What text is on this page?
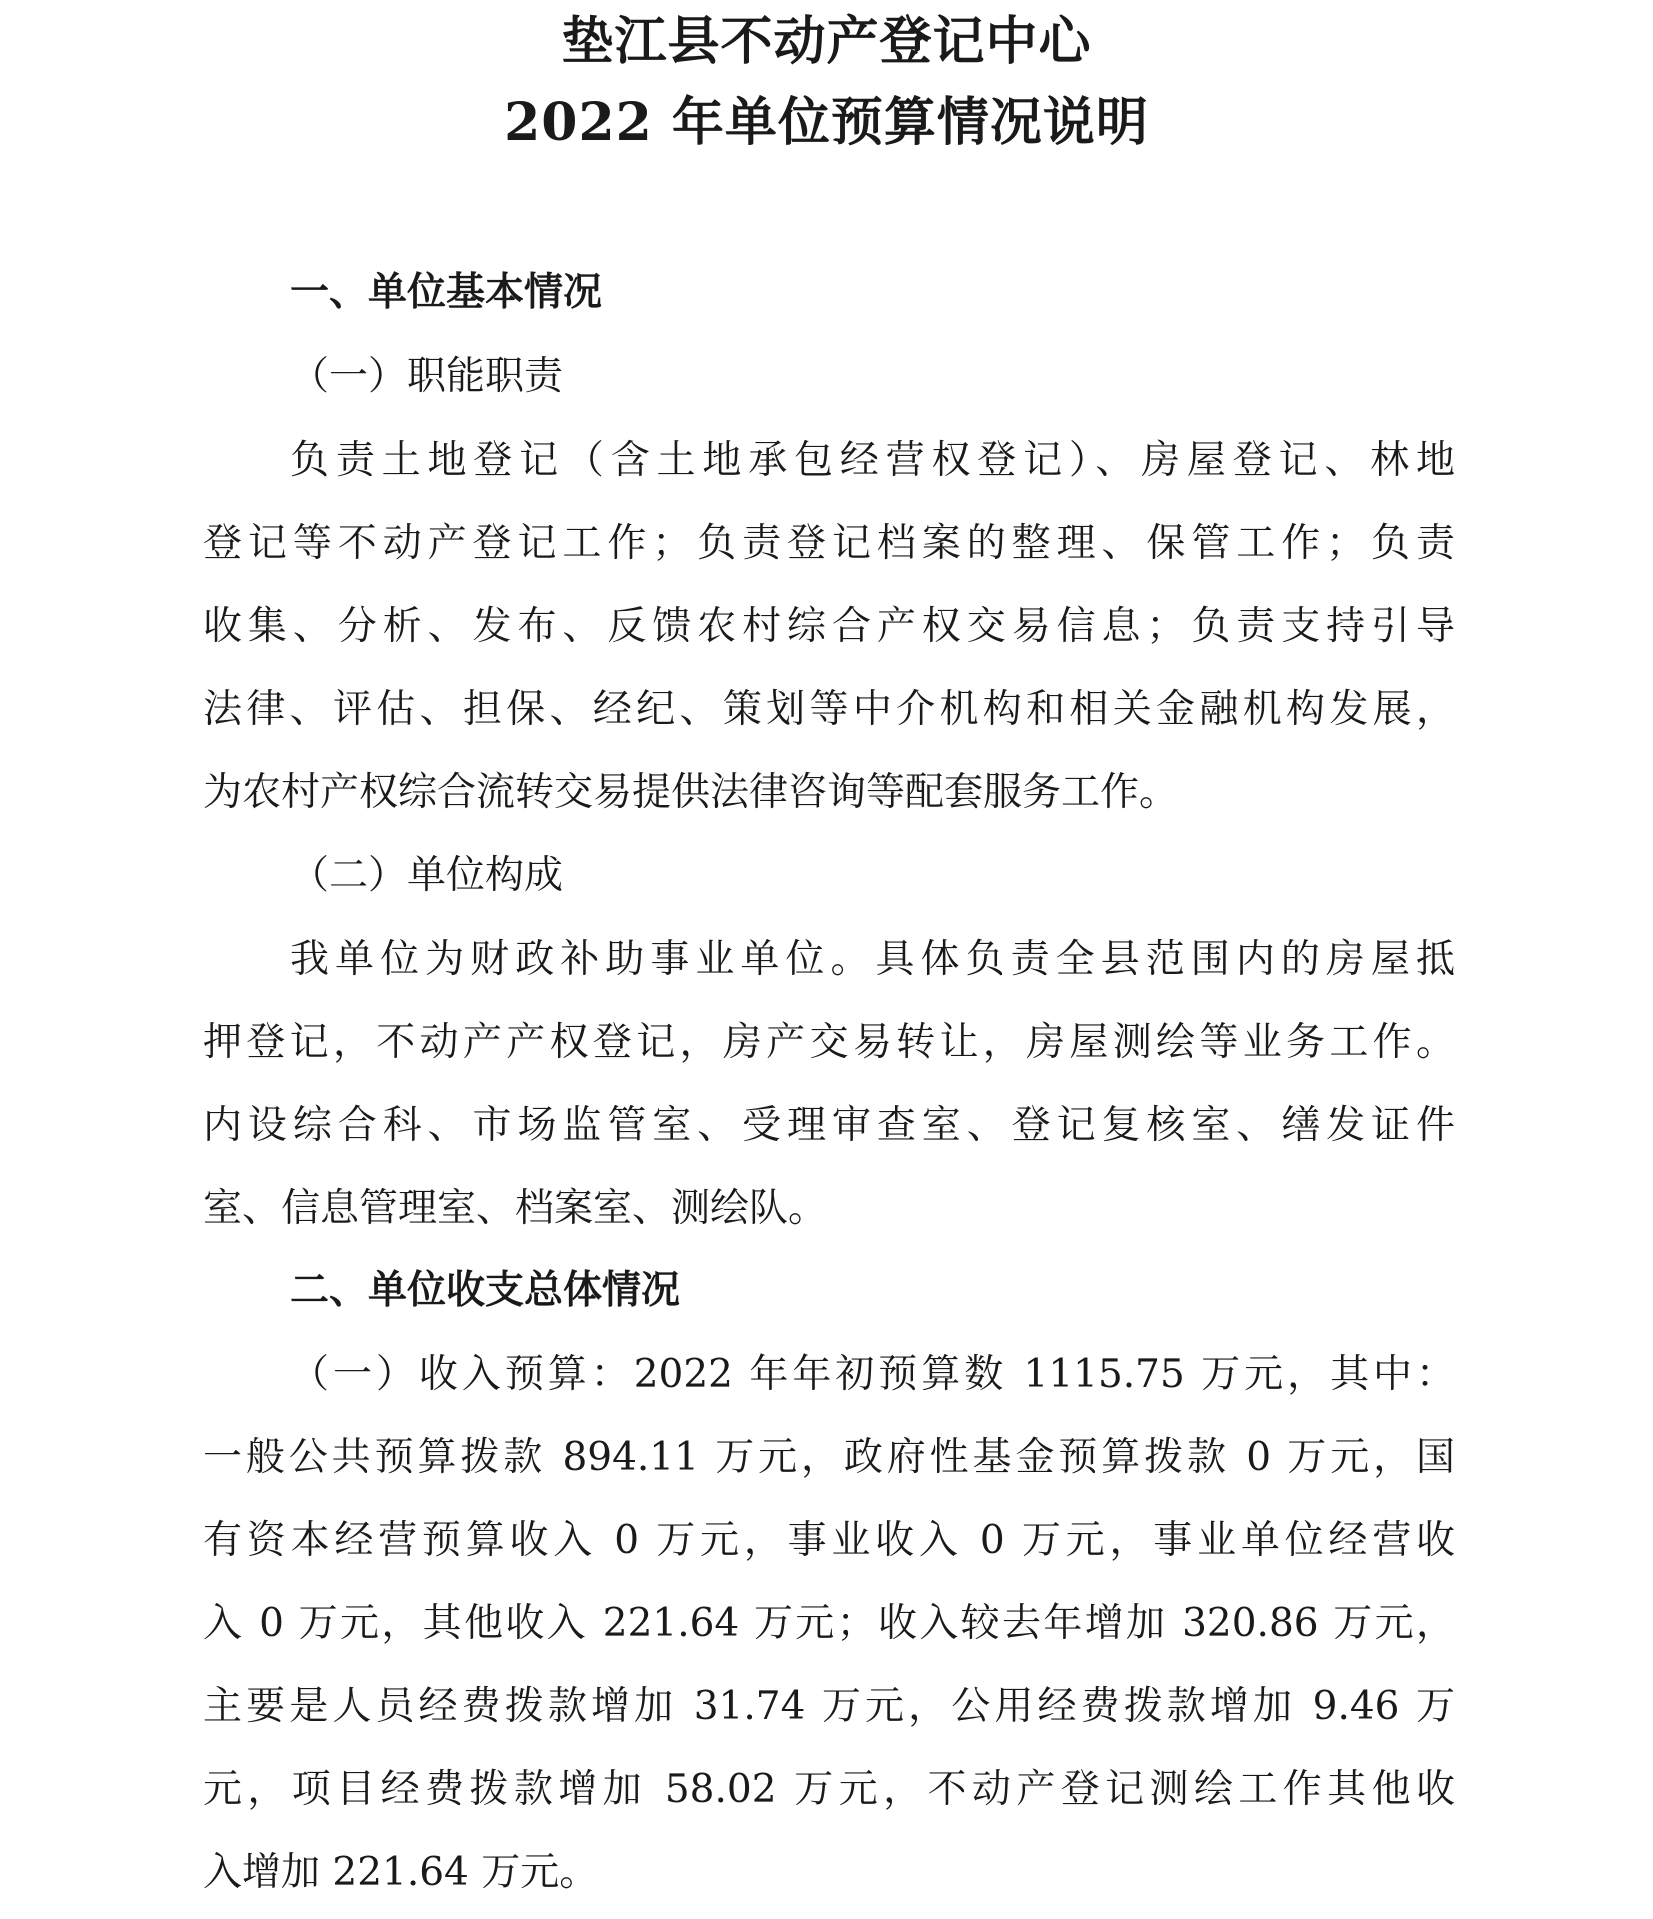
垫江县不动产登记中心
2022 年单位预算情况说明
一、单位基本情况
（一）职能职责
负责土地登记（含土地承包经营权登记）、房屋登记、林地
登记等不动产登记工作；负责登记档案的整理、保管工作；负责
收集、分析、发布、反馈农村综合产权交易信息；负责支持引导
法律、评估、担保、经纪、策划等中介机构和相关金融机构发展，
为农村产权综合流转交易提供法律咨询等配套服务工作。
（二）单位构成
我单位为财政补助事业单位。具体负责全县范围内的房屋抵
押登记，不动产产权登记，房产交易转让，房屋测绘等业务工作。
内设综合科、市场监管室、受理审查室、登记复核室、缮发证件
室、信息管理室、档案室、测绘队。
二、单位收支总体情况
（一）收入预算：2022 年年初预算数 1115.75 万元，其中：
一般公共预算拨款 894.11 万元，政府性基金预算拨款 0 万元，国
有资本经营预算收入 0 万元，事业收入 0 万元，事业单位经营收
入 0 万元，其他收入 221.64 万元；收入较去年增加 320.86 万元，
主要是人员经费拨款增加 31.74 万元，公用经费拨款增加 9.46 万
元，项目经费拨款增加 58.02 万元，不动产登记测绘工作其他收
入增加 221.64 万元。
